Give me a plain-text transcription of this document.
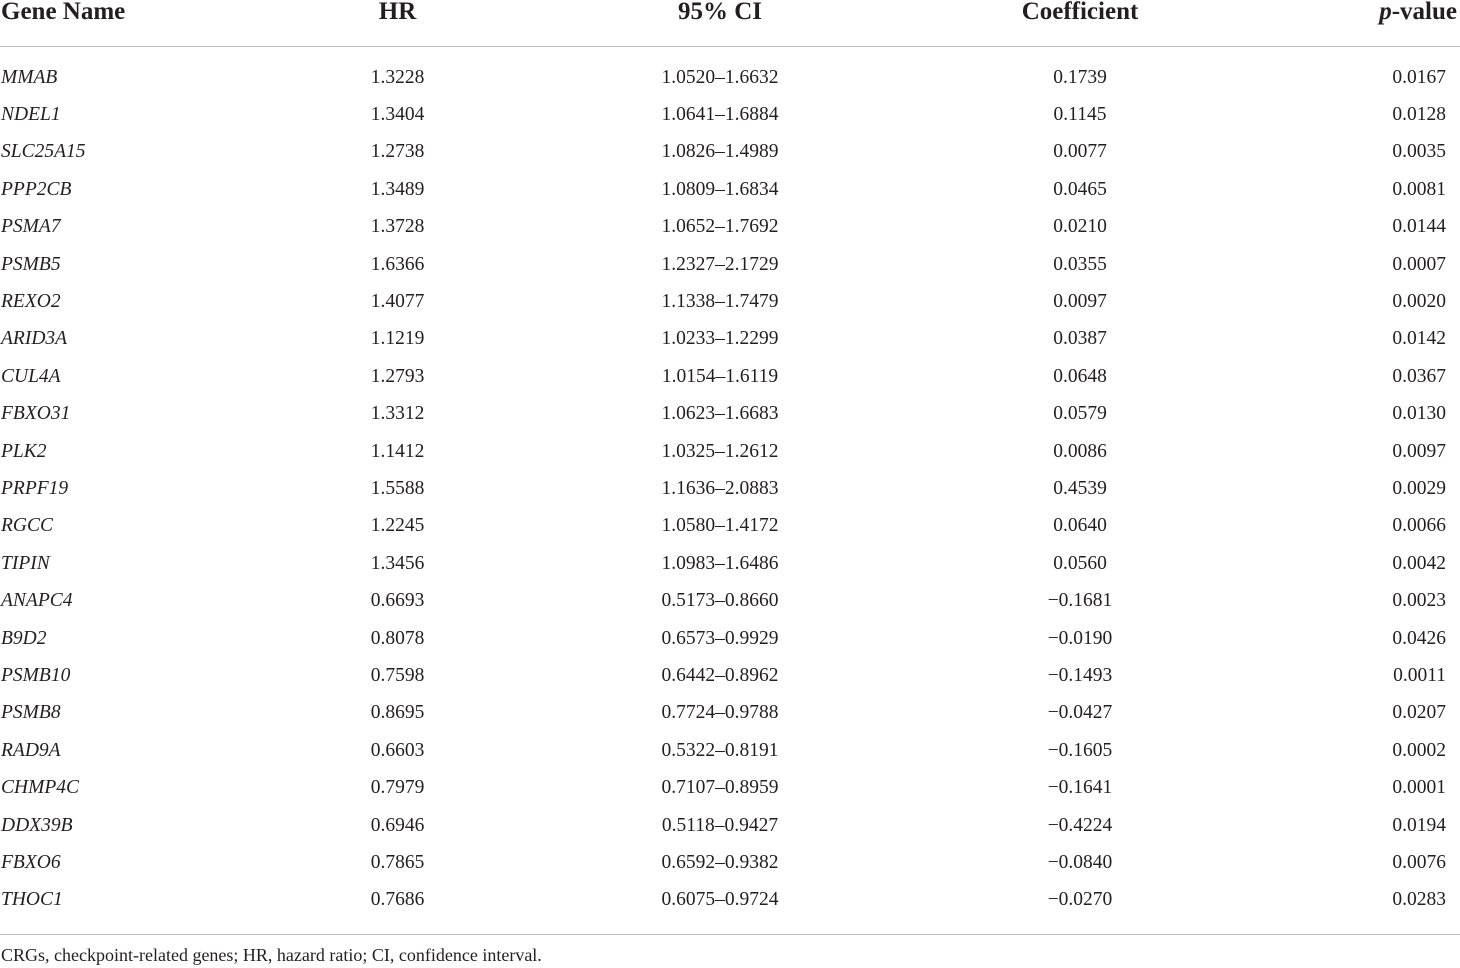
Gene Name	HR	95% CI	Coefficient	p-value

MMAB	1.3228	1.0520–1.6632	0.1739	0.0167
NDEL1	1.3404	1.0641–1.6884	0.1145	0.0128
SLC25A15	1.2738	1.0826–1.4989	0.0077	0.0035
PPP2CB	1.3489	1.0809–1.6834	0.0465	0.0081
PSMA7	1.3728	1.0652–1.7692	0.0210	0.0144
PSMB5	1.6366	1.2327–2.1729	0.0355	0.0007
REXO2	1.4077	1.1338–1.7479	0.0097	0.0020
ARID3A	1.1219	1.0233–1.2299	0.0387	0.0142
CUL4A	1.2793	1.0154–1.6119	0.0648	0.0367
FBXO31	1.3312	1.0623–1.6683	0.0579	0.0130
PLK2	1.1412	1.0325–1.2612	0.0086	0.0097
PRPF19	1.5588	1.1636–2.0883	0.4539	0.0029
RGCC	1.2245	1.0580–1.4172	0.0640	0.0066
TIPIN	1.3456	1.0983–1.6486	0.0560	0.0042
ANAPC4	0.6693	0.5173–0.8660	−0.1681	0.0023
B9D2	0.8078	0.6573–0.9929	−0.0190	0.0426
PSMB10	0.7598	0.6442–0.8962	−0.1493	0.0011
PSMB8	0.8695	0.7724–0.9788	−0.0427	0.0207
RAD9A	0.6603	0.5322–0.8191	−0.1605	0.0002
CHMP4C	0.7979	0.7107–0.8959	−0.1641	0.0001
DDX39B	0.6946	0.5118–0.9427	−0.4224	0.0194
FBXO6	0.7865	0.6592–0.9382	−0.0840	0.0076
THOC1	0.7686	0.6075–0.9724	−0.0270	0.0283
CRGs, checkpoint-related genes; HR, hazard ratio; CI, confidence interval.
